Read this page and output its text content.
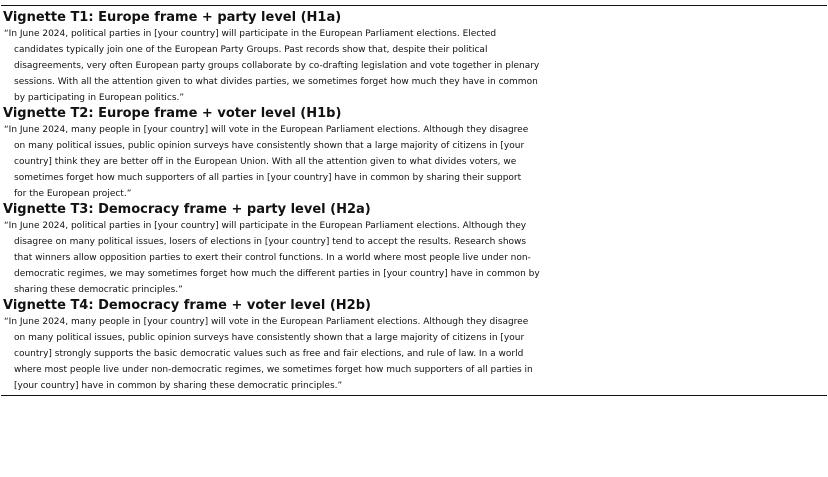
Vignette T1: Europe frame + party level (H1a)
“In June 2024, political parties in [your country] will participate in the European Parliament elections. Elected
candidates typically join one of the European Party Groups. Past records show that, despite their political
disagreements, very often European party groups collaborate by co-drafting legislation and vote together in plenary
sessions. With all the attention given to what divides parties, we sometimes forget how much they have in common
by participating in European politics.”
Vignette T2: Europe frame + voter level (H1b)
“In June 2024, many people in [your country] will vote in the European Parliament elections. Although they disagree
on many political issues, public opinion surveys have consistently shown that a large majority of citizens in [your
country] think they are better off in the European Union. With all the attention given to what divides voters, we
sometimes forget how much supporters of all parties in [your country] have in common by sharing their support
for the European project.”
Vignette T3: Democracy frame + party level (H2a)
“In June 2024, political parties in [your country] will participate in the European Parliament elections. Although they
disagree on many political issues, losers of elections in [your country] tend to accept the results. Research shows
that winners allow opposition parties to exert their control functions. In a world where most people live under non-
democratic regimes, we may sometimes forget how much the different parties in [your country] have in common by
sharing these democratic principles.”
Vignette T4: Democracy frame + voter level (H2b)
“In June 2024, many people in [your country] will vote in the European Parliament elections. Although they disagree
on many political issues, public opinion surveys have consistently shown that a large majority of citizens in [your
country] strongly supports the basic democratic values such as free and fair elections, and rule of law. In a world
where most people live under non-democratic regimes, we sometimes forget how much supporters of all parties in
[your country] have in common by sharing these democratic principles.”
